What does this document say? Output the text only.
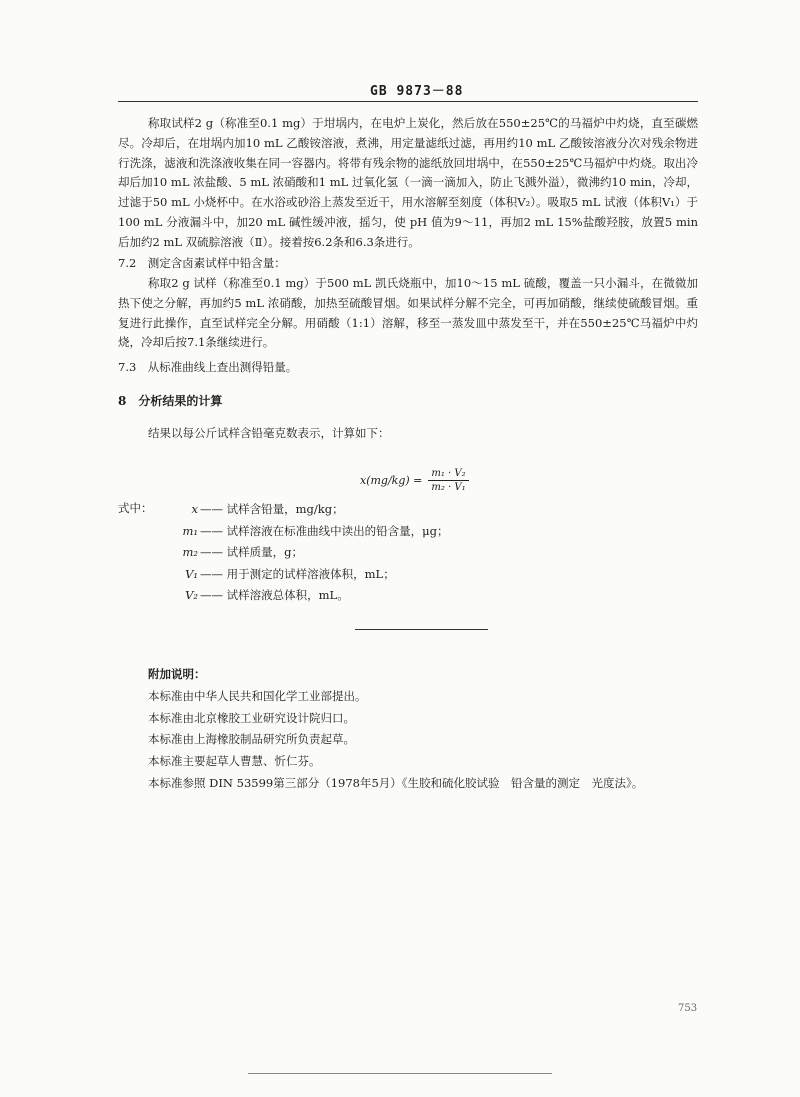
GB 9873－88
称取试样2 g（称准至0.1 mg）于坩埚内，在电炉上炭化，然后放在550±25℃的马福炉中灼烧，直至碳燃尽。冷却后，在坩埚内加10 mL 乙酸铵溶液，煮沸，用定量滤纸过滤，再用约10 mL 乙酸铵溶液分次对残余物进行洗涤，滤液和洗涤液收集在同一容器内。将带有残余物的滤纸放回坩埚中，在550±25℃马福炉中灼烧。取出冷却后加10 mL 浓盐酸、5 mL 浓硝酸和1 mL 过氧化氢（一滴一滴加入，防止飞溅外溢），微沸约10 min，冷却，过滤于50 mL 小烧杯中。在水浴或砂浴上蒸发至近干，用水溶解至刻度（体积V₂）。吸取5 mL 试液（体积V₁）于100 mL 分液漏斗中，加20 mL 碱性缓冲液，摇匀，使 pH 值为9～11，再加2 mL 15%盐酸羟胺，放置5 min 后加约2 mL 双硫腙溶液（Ⅱ）。接着按6.2条和6.3条进行。
7.2　测定含卤素试样中铅含量：
称取2 g 试样（称准至0.1 mg）于500 mL 凯氏烧瓶中，加10～15 mL 硫酸，覆盖一只小漏斗，在微微加热下使之分解，再加约5 mL 浓硝酸，加热至硫酸冒烟。如果试样分解不完全，可再加硝酸，继续使硫酸冒烟。重复进行此操作，直至试样完全分解。用硝酸（1:1）溶解，移至一蒸发皿中蒸发至干，并在550±25℃马福炉中灼烧，冷却后按7.1条继续进行。
7.3　从标准曲线上查出测得铅量。
8　分析结果的计算
结果以每公斤试样含铅毫克数表示，计算如下：
$x(mg/kg) = \frac{\text{m₁ · V₂}}{\text{m₂ · V₁}}$
式中：	x —— 试样含铅量，mg/kg；
m₁ —— 试样溶液在标准曲线中读出的铅含量，μg；
m₂ —— 试样质量，g；
V₁ —— 用于测定的试样溶液体积，mL；
V₂ —— 试样溶液总体积，mL。
附加说明：
本标准由中华人民共和国化学工业部提出。
本标准由北京橡胶工业研究设计院归口。
本标准由上海橡胶制品研究所负责起草。
本标准主要起草人曹慧、忻仁芬。
本标准参照 DIN 53599第三部分（1978年5月）《生胶和硫化胶试验　铅含量的测定　光度法》。
753
